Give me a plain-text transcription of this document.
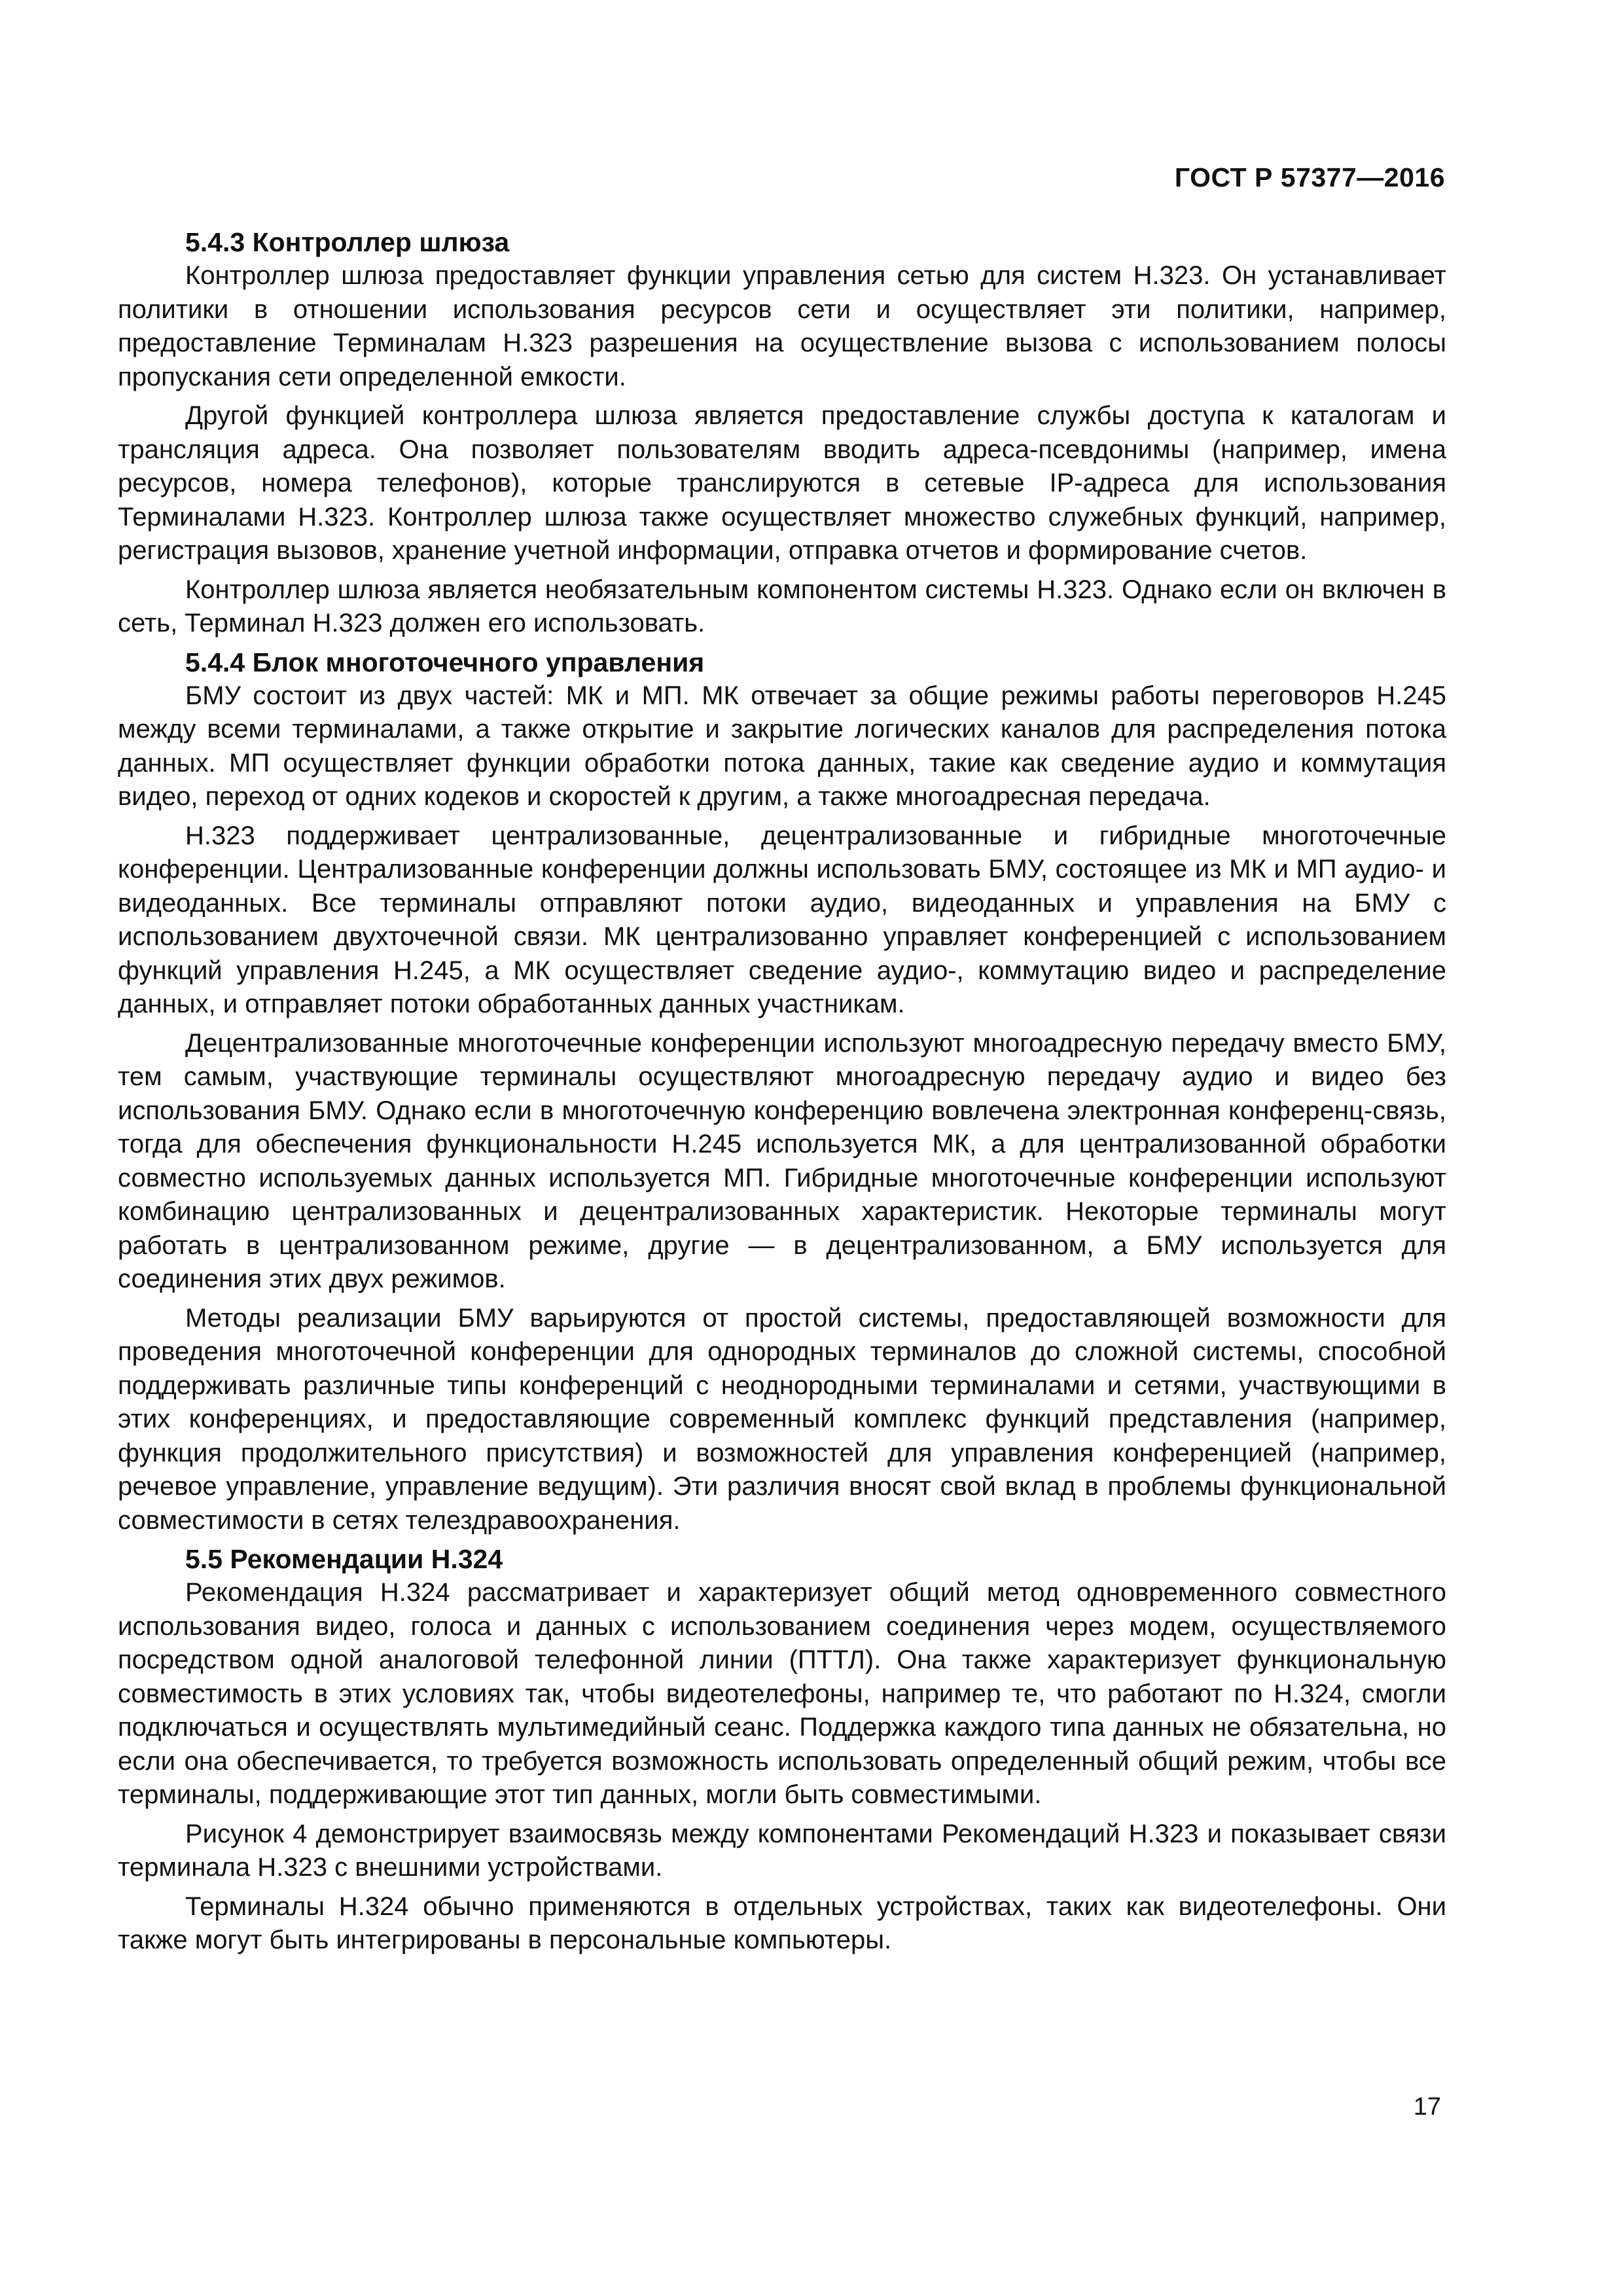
ГОСТ Р 57377—2016

5.4.3 Контроллер шлюза

Контроллер шлюза предоставляет функции управления сетью для систем H.323. Он устанавливает политики в отношении использования ресурсов сети и осуществляет эти политики, например, предоставление Терминалам H.323 разрешения на осуществление вызова с использованием полосы пропускания сети определенной емкости.

Другой функцией контроллера шлюза является предоставление службы доступа к каталогам и трансляция адреса. Она позволяет пользователям вводить адреса-псевдонимы (например, имена ресурсов, номера телефонов), которые транслируются в сетевые IP-адреса для использования Терминалами H.323. Контроллер шлюза также осуществляет множество служебных функций, например, регистрация вызовов, хранение учетной информации, отправка отчетов и формирование счетов.

Контроллер шлюза является необязательным компонентом системы H.323. Однако если он включен в сеть, Терминал H.323 должен его использовать.

5.4.4 Блок многоточечного управления

БМУ состоит из двух частей: МК и МП. МК отвечает за общие режимы работы переговоров H.245 между всеми терминалами, а также открытие и закрытие логических каналов для распределения потока данных. МП осуществляет функции обработки потока данных, такие как сведение аудио и коммутация видео, переход от одних кодеков и скоростей к другим, а также многоадресная передача.

H.323 поддерживает централизованные, децентрализованные и гибридные многоточечные конференции. Централизованные конференции должны использовать БМУ, состоящее из МК и МП аудио- и видеоданных. Все терминалы отправляют потоки аудио, видеоданных и управления на БМУ с использованием двухточечной связи. МК централизованно управляет конференцией с использованием функций управления H.245, а МК осуществляет сведение аудио-, коммутацию видео и распределение данных, и отправляет потоки обработанных данных участникам.

Децентрализованные многоточечные конференции используют многоадресную передачу вместо БМУ, тем самым, участвующие терминалы осуществляют многоадресную передачу аудио и видео без использования БМУ. Однако если в многоточечную конференцию вовлечена электронная конференц-связь, тогда для обеспечения функциональности H.245 используется МК, а для централизованной обработки совместно используемых данных используется МП. Гибридные многоточечные конференции используют комбинацию централизованных и децентрализованных характеристик. Некоторые терминалы могут работать в централизованном режиме, другие — в децентрализованном, а БМУ используется для соединения этих двух режимов.

Методы реализации БМУ варьируются от простой системы, предоставляющей возможности для проведения многоточечной конференции для однородных терминалов до сложной системы, способной поддерживать различные типы конференций с неоднородными терминалами и сетями, участвующими в этих конференциях, и предоставляющие современный комплекс функций представления (например, функция продолжительного присутствия) и возможностей для управления конференцией (например, речевое управление, управление ведущим). Эти различия вносят свой вклад в проблемы функциональной совместимости в сетях телездравоохранения.

5.5 Рекомендации H.324

Рекомендация H.324 рассматривает и характеризует общий метод одновременного совместного использования видео, голоса и данных с использованием соединения через модем, осуществляемого посредством одной аналоговой телефонной линии (ПТТЛ). Она также характеризует функциональную совместимость в этих условиях так, чтобы видеотелефоны, например те, что работают по H.324, смогли подключаться и осуществлять мультимедийный сеанс. Поддержка каждого типа данных не обязательна, но если она обеспечивается, то требуется возможность использовать определенный общий режим, чтобы все терминалы, поддерживающие этот тип данных, могли быть совместимыми.

Рисунок 4 демонстрирует взаимосвязь между компонентами Рекомендаций H.323 и показывает связи терминала H.323 с внешними устройствами.

Терминалы H.324 обычно применяются в отдельных устройствах, таких как видеотелефоны. Они также могут быть интегрированы в персональные компьютеры.

17
